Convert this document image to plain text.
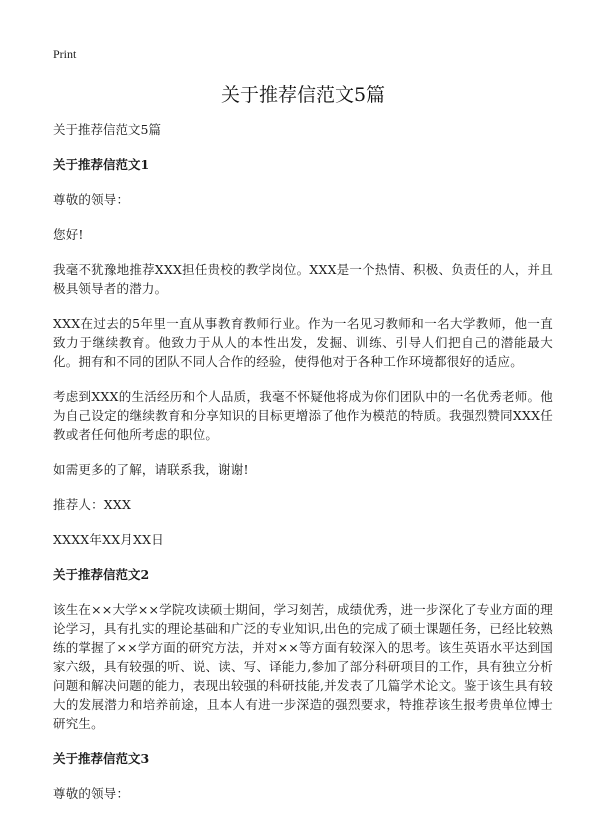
Print
关于推荐信范文5篇

关于推荐信范文5篇

关于推荐信范文1

尊敬的领导：

您好!

我毫不犹豫地推荐XXX担任贵校的教学岗位。XXX是一个热情、积极、负责任的人，并且极具领导者的潜力。

XXX在过去的5年里一直从事教育教师行业。作为一名见习教师和一名大学教师，他一直致力于继续教育。他致力于从人的本性出发，发掘、训练、引导人们把自己的潜能最大化。拥有和不同的团队不同人合作的经验，使得他对于各种工作环境都很好的适应。

考虑到XXX的生活经历和个人品质，我毫不怀疑他将成为你们团队中的一名优秀老师。他为自己设定的继续教育和分享知识的目标更增添了他作为模范的特质。我强烈赞同XXX任教或者任何他所考虑的职位。

如需更多的了解，请联系我，谢谢!

推荐人：XXX

XXXX年XX月XX日

关于推荐信范文2

该生在××大学××学院攻读硕士期间，学习刻苦，成绩优秀，进一步深化了专业方面的理论学习，具有扎实的理论基础和广泛的专业知识,出色的完成了硕士课题任务，已经比较熟练的掌握了××学方面的研究方法，并对××等方面有较深入的思考。该生英语水平达到国家六级，具有较强的听、说、读、写、译能力,参加了部分科研项目的工作，具有独立分析问题和解决问题的能力，表现出较强的科研技能,并发表了几篇学术论文。鉴于该生具有较大的发展潜力和培养前途，且本人有进一步深造的强烈要求，特推荐该生报考贵单位博士研究生。

关于推荐信范文3

尊敬的领导：
